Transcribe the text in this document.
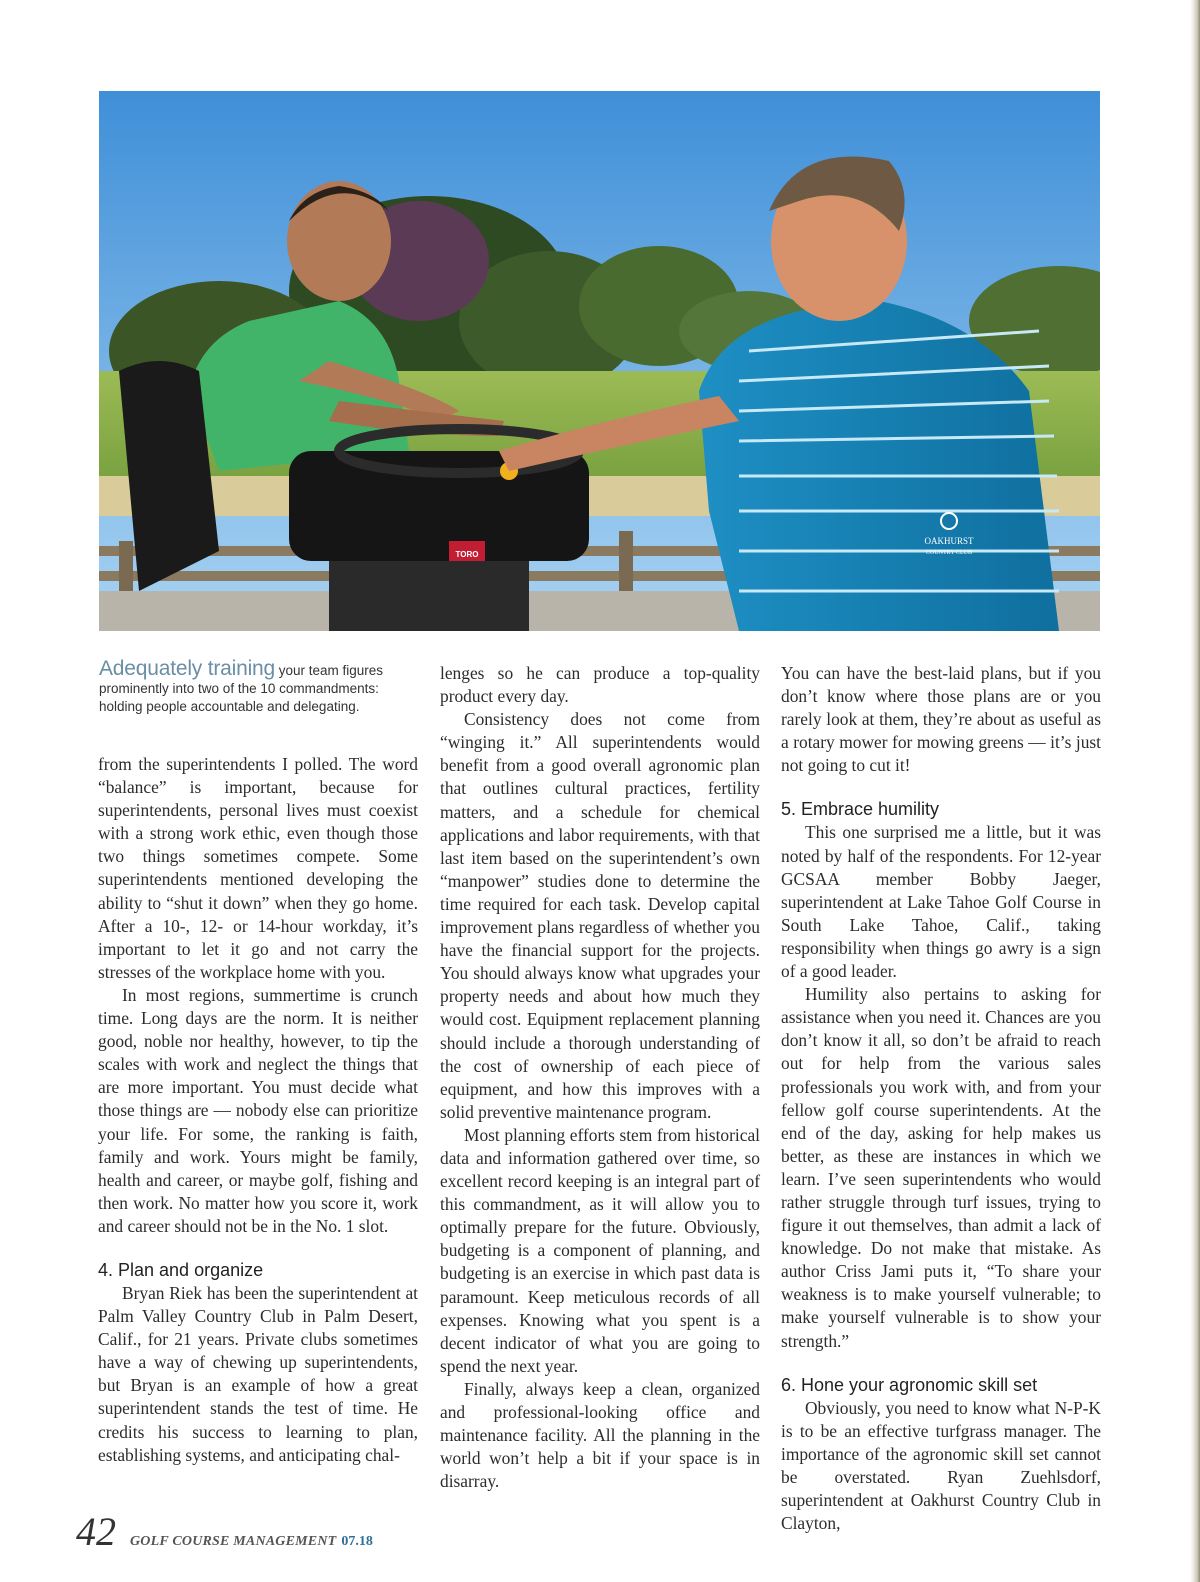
OAKHURST
COUNTRY CLUB
TORO
Adequately training your team figures prominently into two of the 10 commandments: holding people accountable and delegating.

from the superintendents I polled. The word “balance” is important, because for superintendents, personal lives must coexist with a strong work ethic, even though those two things sometimes compete. Some superintendents mentioned developing the ability to “shut it down” when they go home. After a 10-, 12- or 14-hour workday, it’s important to let it go and not carry the stresses of the workplace home with you.

In most regions, summertime is crunch time. Long days are the norm. It is neither good, noble nor healthy, however, to tip the scales with work and neglect the things that are more important. You must decide what those things are — nobody else can prioritize your life. For some, the ranking is faith, family and work. Yours might be family, health and career, or maybe golf, fishing and then work. No matter how you score it, work and career should not be in the No. 1 slot.

4. Plan and organize

Bryan Riek has been the superintendent at Palm Valley Country Club in Palm Desert, Calif., for 21 years. Private clubs sometimes have a way of chewing up superintendents, but Bryan is an example of how a great superintendent stands the test of time. He credits his success to learning to plan, establishing systems, and anticipating chal-

lenges so he can produce a top-quality product every day.

Consistency does not come from “winging it.” All superintendents would benefit from a good overall agronomic plan that outlines cultural practices, fertility matters, and a schedule for chemical applications and labor requirements, with that last item based on the superintendent’s own “manpower” studies done to determine the time required for each task. Develop capital improvement plans regardless of whether you have the financial support for the projects. You should always know what upgrades your property needs and about how much they would cost. Equipment replacement planning should include a thorough understanding of the cost of ownership of each piece of equipment, and how this improves with a solid preventive maintenance program.

Most planning efforts stem from historical data and information gathered over time, so excellent record keeping is an integral part of this commandment, as it will allow you to optimally prepare for the future. Obviously, budgeting is a component of planning, and budgeting is an exercise in which past data is paramount. Keep meticulous records of all expenses. Knowing what you spent is a decent indicator of what you are going to spend the next year.

Finally, always keep a clean, organized and professional-looking office and maintenance facility. All the planning in the world won’t help a bit if your space is in disarray.

You can have the best-laid plans, but if you don’t know where those plans are or you rarely look at them, they’re about as useful as a rotary mower for mowing greens — it’s just not going to cut it!

5. Embrace humility

This one surprised me a little, but it was noted by half of the respondents. For 12-year GCSAA member Bobby Jaeger, superintendent at Lake Tahoe Golf Course in South Lake Tahoe, Calif., taking responsibility when things go awry is a sign of a good leader.

Humility also pertains to asking for assistance when you need it. Chances are you don’t know it all, so don’t be afraid to reach out for help from the various sales professionals you work with, and from your fellow golf course superintendents. At the end of the day, asking for help makes us better, as these are instances in which we learn. I’ve seen superintendents who would rather struggle through turf issues, trying to figure it out themselves, than admit a lack of knowledge. Do not make that mistake. As author Criss Jami puts it, “To share your weakness is to make yourself vulnerable; to make yourself vulnerable is to show your strength.”

6. Hone your agronomic skill set

Obviously, you need to know what N-P-K is to be an effective turfgrass manager. The importance of the agronomic skill set cannot be overstated. Ryan Zuehlsdorf, superintendent at Oakhurst Country Club in Clayton,

42 GOLF COURSE MANAGEMENT 07.18
